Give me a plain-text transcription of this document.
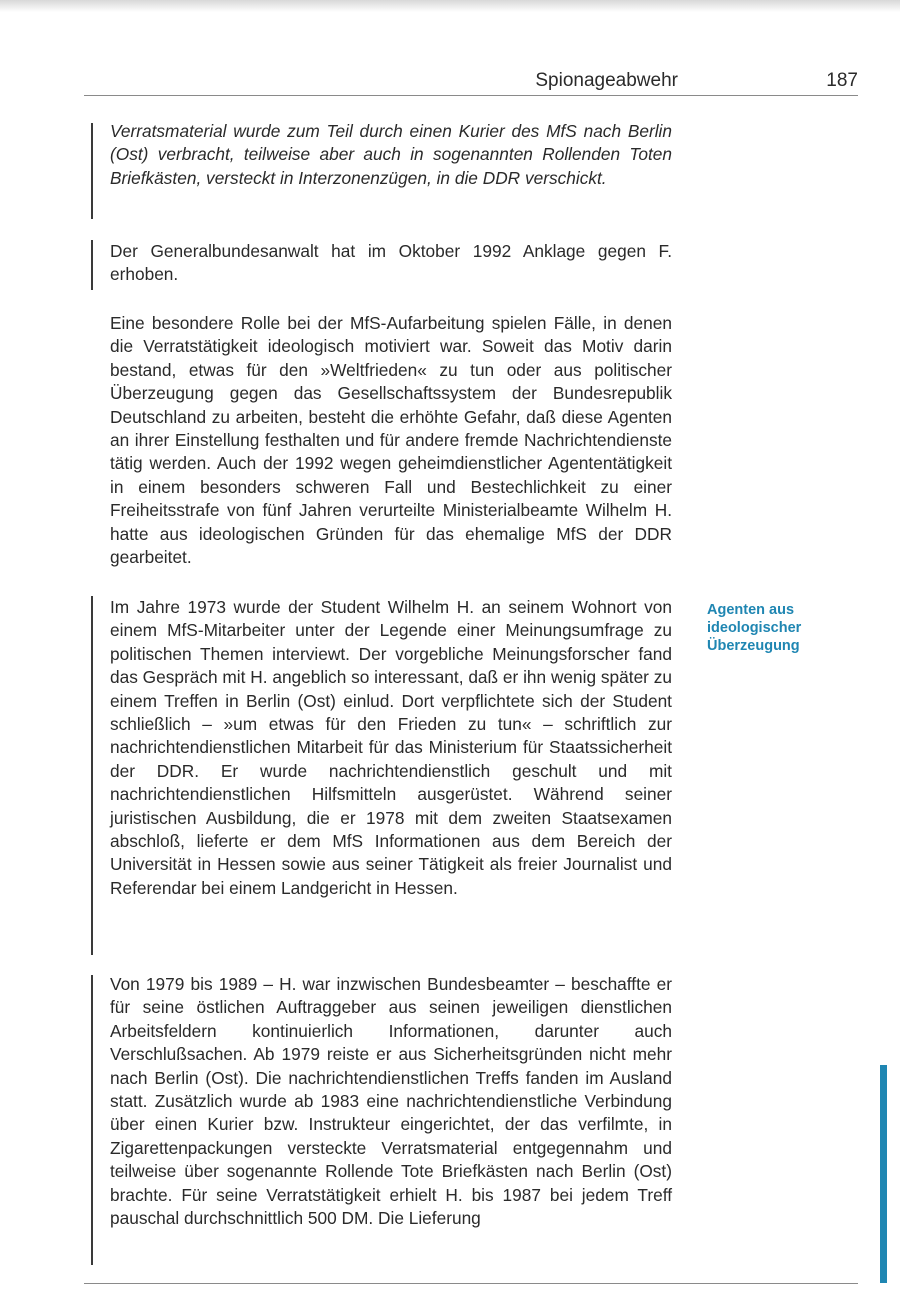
Spionageabwehr	187

Verratsmaterial wurde zum Teil durch einen Kurier des MfS nach Berlin (Ost) verbracht, teilweise aber auch in sogenannten Rollenden Toten Briefkästen, versteckt in Interzonenzügen, in die DDR verschickt.

Der Generalbundesanwalt hat im Oktober 1992 Anklage gegen F. erhoben.

Eine besondere Rolle bei der MfS-Aufarbeitung spielen Fälle, in denen die Verratstätigkeit ideologisch motiviert war. Soweit das Motiv darin bestand, etwas für den »Weltfrieden« zu tun oder aus politischer Überzeugung gegen das Gesellschaftssystem der Bundesrepublik Deutschland zu arbeiten, besteht die erhöhte Gefahr, daß diese Agenten an ihrer Einstellung festhalten und für andere fremde Nachrichtendienste tätig werden. Auch der 1992 wegen geheimdienstlicher Agententätigkeit in einem besonders schweren Fall und Bestechlichkeit zu einer Freiheitsstrafe von fünf Jahren verurteilte Ministerialbeamte Wilhelm H. hatte aus ideologischen Gründen für das ehemalige MfS der DDR gearbeitet.

Im Jahre 1973 wurde der Student Wilhelm H. an seinem Wohnort von einem MfS-Mitarbeiter unter der Legende einer Meinungsumfrage zu politischen Themen interviewt. Der vorgebliche Meinungsforscher fand das Gespräch mit H. angeblich so interessant, daß er ihn wenig später zu einem Treffen in Berlin (Ost) einlud. Dort verpflichtete sich der Student schließlich – »um etwas für den Frieden zu tun« – schriftlich zur nachrichtendienstlichen Mitarbeit für das Ministerium für Staatssicherheit der DDR. Er wurde nachrichtendienstlich geschult und mit nachrichtendienstlichen Hilfsmitteln ausgerüstet. Während seiner juristischen Ausbildung, die er 1978 mit dem zweiten Staatsexamen abschloß, lieferte er dem MfS Informationen aus dem Bereich der Universität in Hessen sowie aus seiner Tätigkeit als freier Journalist und Referendar bei einem Landgericht in Hessen.

Agenten aus
ideologischer
Überzeugung

Von 1979 bis 1989 – H. war inzwischen Bundesbeamter – beschaffte er für seine östlichen Auftraggeber aus seinen jeweiligen dienstlichen Arbeitsfeldern kontinuierlich Informationen, darunter auch Verschlußsachen. Ab 1979 reiste er aus Sicherheitsgründen nicht mehr nach Berlin (Ost). Die nachrichtendienstlichen Treffs fanden im Ausland statt. Zusätzlich wurde ab 1983 eine nachrichtendienstliche Verbindung über einen Kurier bzw. Instrukteur eingerichtet, der das verfilmte, in Zigarettenpackungen versteckte Verratsmaterial entgegennahm und teilweise über sogenannte Rollende Tote Briefkästen nach Berlin (Ost) brachte. Für seine Verratstätigkeit erhielt H. bis 1987 bei jedem Treff pauschal durchschnittlich 500 DM. Die Lieferung
